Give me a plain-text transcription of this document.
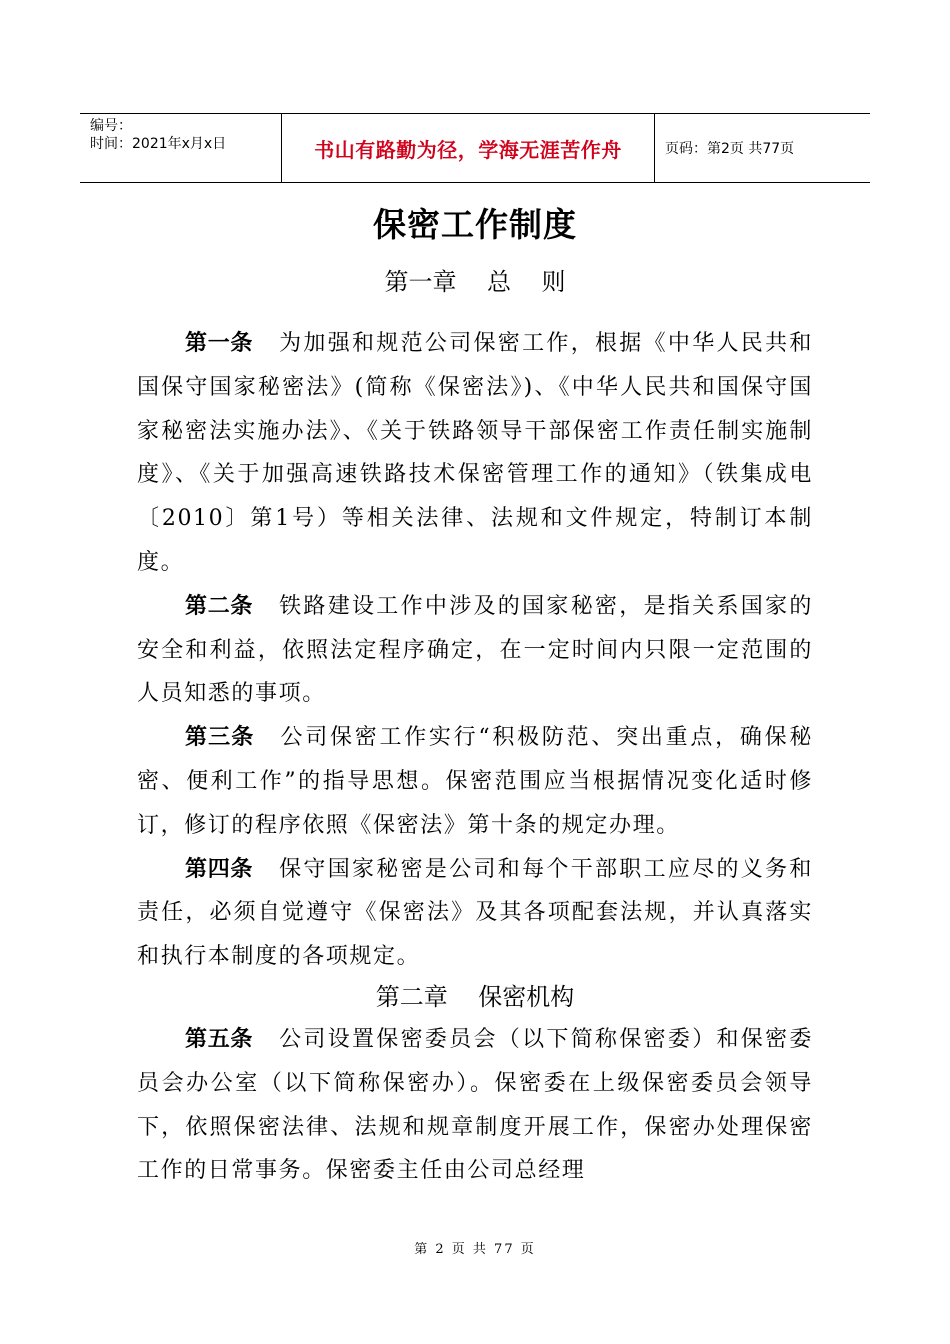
编号：
时间：2021年x月x日	书山有路勤为径，学海无涯苦作舟	页码：第2页 共77页
保密工作制度
第一章    总    则

第一条 为加强和规范公司保密工作，根据《中华人民共和国保守国家秘密法》(简称《保密法》)、《中华人民共和国保守国家秘密法实施办法》、《关于铁路领导干部保密工作责任制实施制度》、《关于加强高速铁路技术保密管理工作的通知》（铁集成电〔2010〕第1号）等相关法律、法规和文件规定，特制订本制度。

第二条 铁路建设工作中涉及的国家秘密，是指关系国家的安全和利益，依照法定程序确定，在一定时间内只限一定范围的人员知悉的事项。

第三条 公司保密工作实行“积极防范、突出重点，确保秘密、便利工作”的指导思想。保密范围应当根据情况变化适时修订，修订的程序依照《保密法》第十条的规定办理。

第四条 保守国家秘密是公司和每个干部职工应尽的义务和责任，必须自觉遵守《保密法》及其各项配套法规，并认真落实和执行本制度的各项规定。

第二章    保密机构

第五条 公司设置保密委员会（以下简称保密委）和保密委员会办公室（以下简称保密办）。保密委在上级保密委员会领导下，依照保密法律、法规和规章制度开展工作，保密办处理保密工作的日常事务。保密委主任由公司总经理

第 2 页 共 77 页
